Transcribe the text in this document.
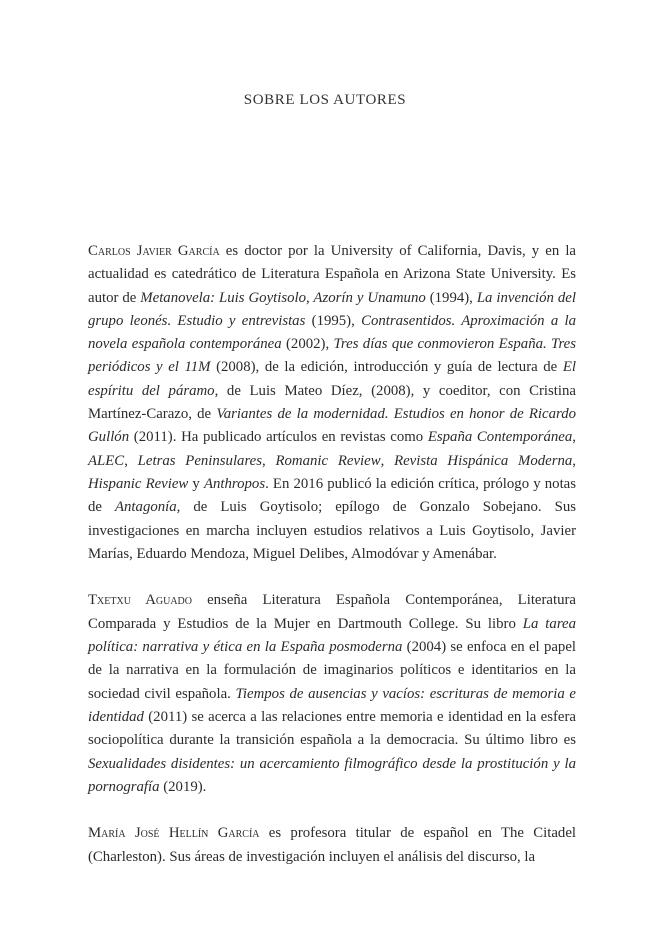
SOBRE LOS AUTORES

Carlos Javier García es doctor por la University of California, Davis, y en la actualidad es catedrático de Literatura Española en Arizona State University. Es autor de Metanovela: Luis Goytisolo, Azorín y Unamuno (1994), La invención del grupo leonés. Estudio y entrevistas (1995), Contrasentidos. Aproximación a la novela española contemporánea (2002), Tres días que conmovieron España. Tres periódicos y el 11M (2008), de la edición, introducción y guía de lectura de El espíritu del páramo, de Luis Mateo Díez, (2008), y coeditor, con Cristina Martínez-Carazo, de Variantes de la modernidad. Estudios en honor de Ricardo Gullón (2011). Ha publicado artículos en revistas como España Contemporánea, ALEC, Letras Peninsulares, Romanic Review, Revista Hispánica Moderna, Hispanic Review y Anthropos. En 2016 publicó la edición crítica, prólogo y notas de Antagonía, de Luis Goytisolo; epílogo de Gonzalo Sobejano. Sus investigaciones en marcha incluyen estudios relativos a Luis Goytisolo, Javier Marías, Eduardo Mendoza, Miguel Delibes, Almodóvar y Amenábar.

Txetxu Aguado enseña Literatura Española Contemporánea, Literatura Comparada y Estudios de la Mujer en Dartmouth College. Su libro La tarea política: narrativa y ética en la España posmoderna (2004) se enfoca en el papel de la narrativa en la formulación de imaginarios políticos e identitarios en la sociedad civil española. Tiempos de ausencias y vacíos: escrituras de memoria e identidad (2011) se acerca a las relaciones entre memoria e identidad en la esfera sociopolítica durante la transición española a la democracia. Su último libro es Sexualidades disidentes: un acercamiento filmográfico desde la prostitución y la pornografía (2019).

María José Hellín García es profesora titular de español en The Citadel (Charleston). Sus áreas de investigación incluyen el análisis del discurso, la
